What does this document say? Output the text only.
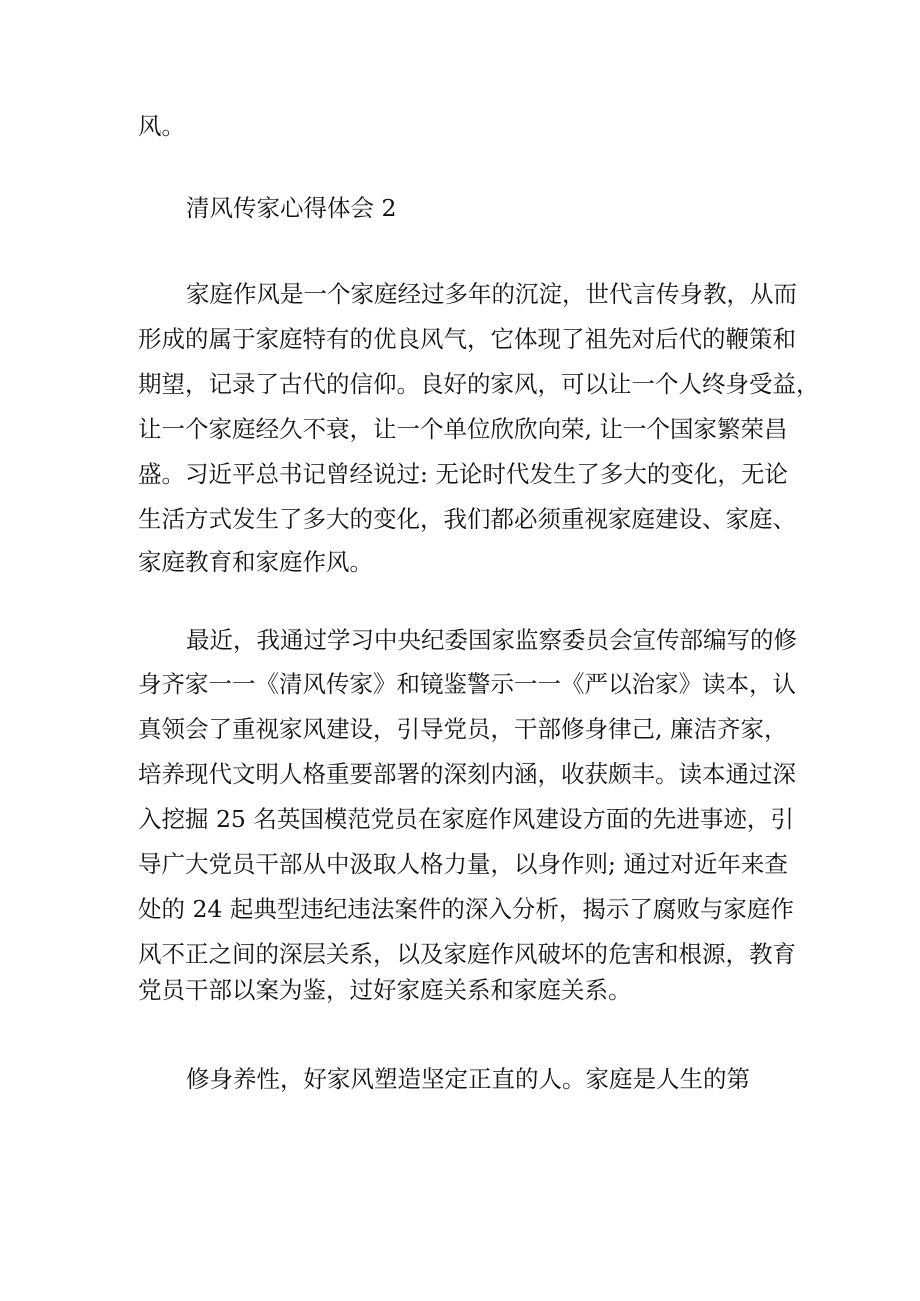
风。

清风传家心得体会 2

家庭作风是一个家庭经过多年的沉淀，世代言传身教，从而

形成的属于家庭特有的优良风气，它体现了祖先对后代的鞭策和

期望，记录了古代的信仰。良好的家风，可以让一个人终身受益，

让一个家庭经久不衰，让一个单位欣欣向荣, 让一个国家繁荣昌

盛。习近平总书记曾经说过: 无论时代发生了多大的变化，无论

生活方式发生了多大的变化，我们都必须重视家庭建设、家庭、

家庭教育和家庭作风。

最近，我通过学习中央纪委国家监察委员会宣传部编写的修

身齐家一一《清风传家》和镜鉴警示一一《严以治家》读本，认

真领会了重视家风建设，引导党员，干部修身律己, 廉洁齐家，

培养现代文明人格重要部署的深刻内涵，收获颇丰。读本通过深

入挖掘 25 名英国模范党员在家庭作风建设方面的先进事迹，引

导广大党员干部从中汲取人格力量，以身作则; 通过对近年来查

处的 24 起典型违纪违法案件的深入分析，揭示了腐败与家庭作

风不正之间的深层关系，以及家庭作风破坏的危害和根源，教育

党员干部以案为鉴，过好家庭关系和家庭关系。

修身养性，好家风塑造坚定正直的人。家庭是人生的第
